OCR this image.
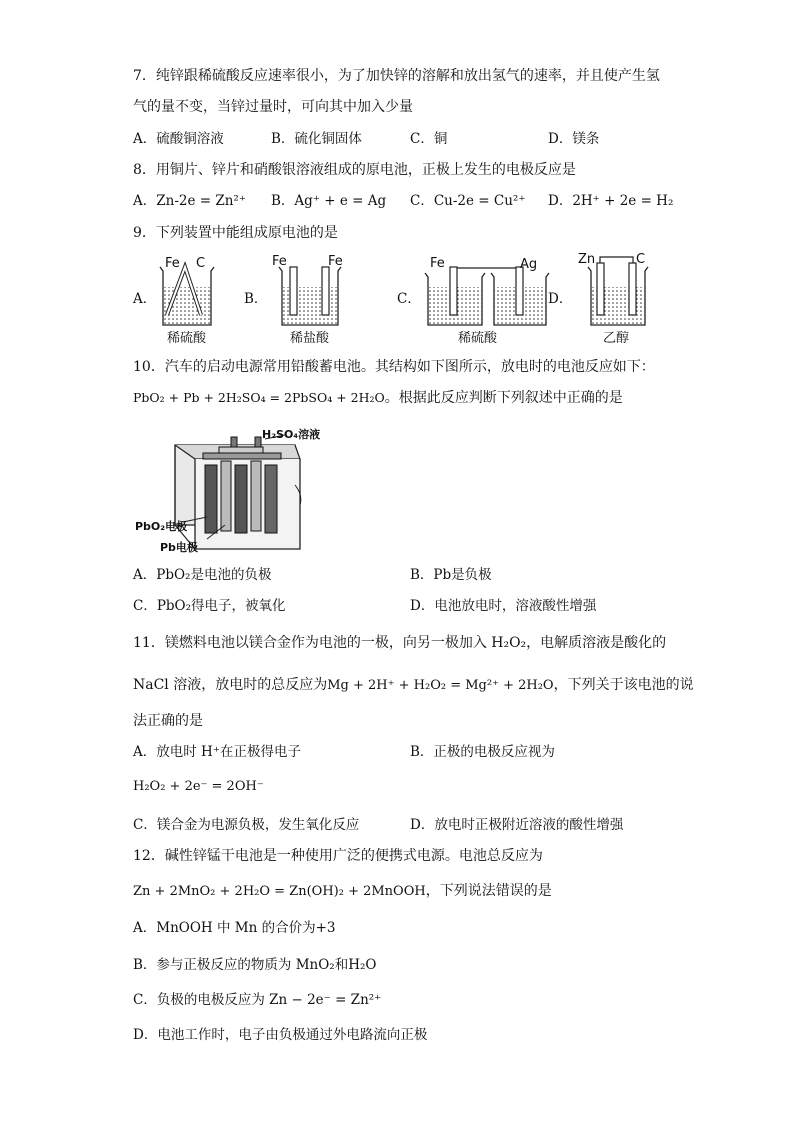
7．纯锌跟稀硫酸反应速率很小，为了加快锌的溶解和放出氢气的速率，并且使产生氢
气的量不变，当锌过量时，可向其中加入少量
A．硫酸铜溶液	B．硫化铜固体	C．铜	D．镁条
8．用铜片、锌片和硝酸银溶液组成的原电池，正极上发生的电极反应是
A．Zn-2e = Zn²⁺ B．Ag⁺ + e = Ag C．Cu-2e = Cu²⁺ D．2H⁺ + 2e = H₂
9．下列装置中能组成原电池的是
A．	B．	C．	D．
Fe C
稀硫酸
Fe	Fe
稀盐酸
Fe	Ag
稀硫酸
Zn	C
乙醇
10．汽车的启动电源常用铅酸蓄电池。其结构如下图所示，放电时的电池反应如下：
PbO₂ + Pb + 2H₂SO₄ = 2PbSO₄ + 2H₂O。根据此反应判断下列叙述中正确的是
H₂SO₄溶液
PbO₂电极
Pb电极
A．PbO₂是电池的负极	B．Pb是负极
C．PbO₂得电子，被氧化	D．电池放电时，溶液酸性增强
11．镁燃料电池以镁合金作为电池的一极，向另一极加入 H₂O₂，电解质溶液是酸化的
NaCl 溶液，放电时的总反应为Mg + 2H⁺ + H₂O₂ = Mg²⁺ + 2H₂O，下列关于该电池的说
法正确的是
A．放电时 H⁺在正极得电子	B．正极的电极反应视为
H₂O₂ + 2e⁻ = 2OH⁻
C．镁合金为电源负极，发生氧化反应	D．放电时正极附近溶液的酸性增强
12．碱性锌锰干电池是一种使用广泛的便携式电源。电池总反应为
Zn + 2MnO₂ + 2H₂O = Zn(OH)₂ + 2MnOOH，下列说法错误的是
A．MnOOH 中 Mn 的合价为+3
B．参与正极反应的物质为 MnO₂和H₂O
C．负极的电极反应为 Zn − 2e⁻ = Zn²⁺
D．电池工作时，电子由负极通过外电路流向正极
